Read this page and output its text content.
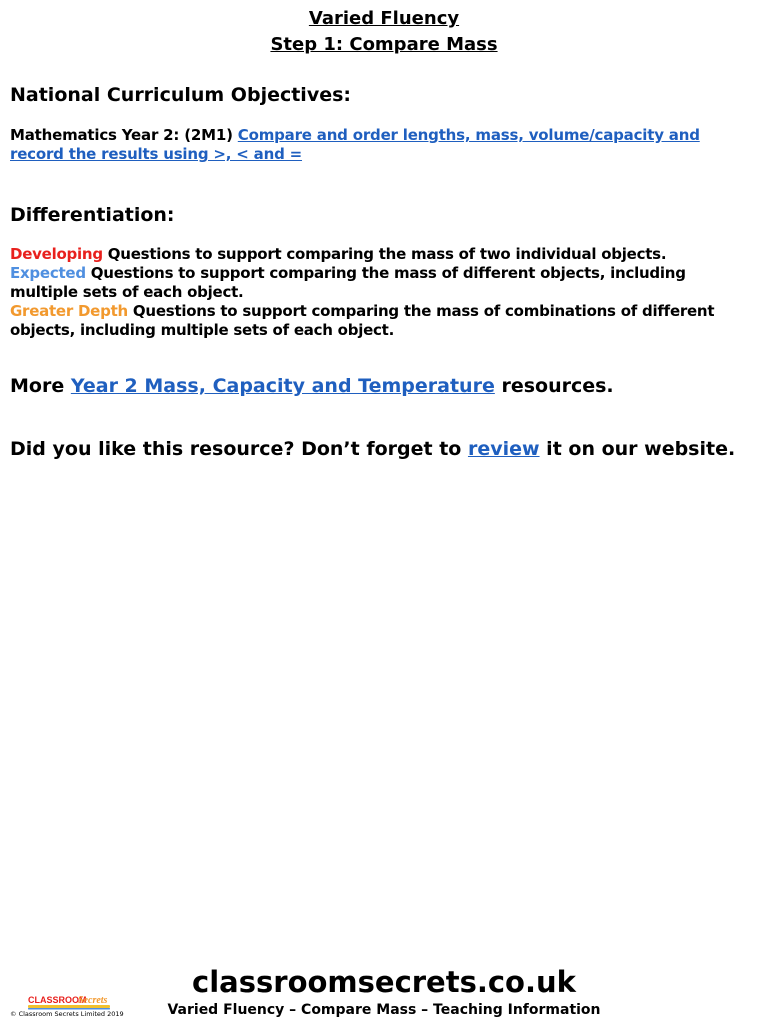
Varied Fluency
Step 1: Compare Mass
National Curriculum Objectives:
Mathematics Year 2: (2M1) Compare and order lengths, mass, volume/capacity and record the results using >, < and =
Differentiation:

Developing Questions to support comparing the mass of two individual objects.

Expected Questions to support comparing the mass of different objects, including multiple sets of each object.

Greater Depth Questions to support comparing the mass of combinations of different objects, including multiple sets of each object.

More Year 2 Mass, Capacity and Temperature resources.
Did you like this resource? Don’t forget to review it on our website.
CLASSROOM
Secrets
© Classroom Secrets Limited 2019
classroomsecrets.co.uk
Varied Fluency – Compare Mass – Teaching Information
